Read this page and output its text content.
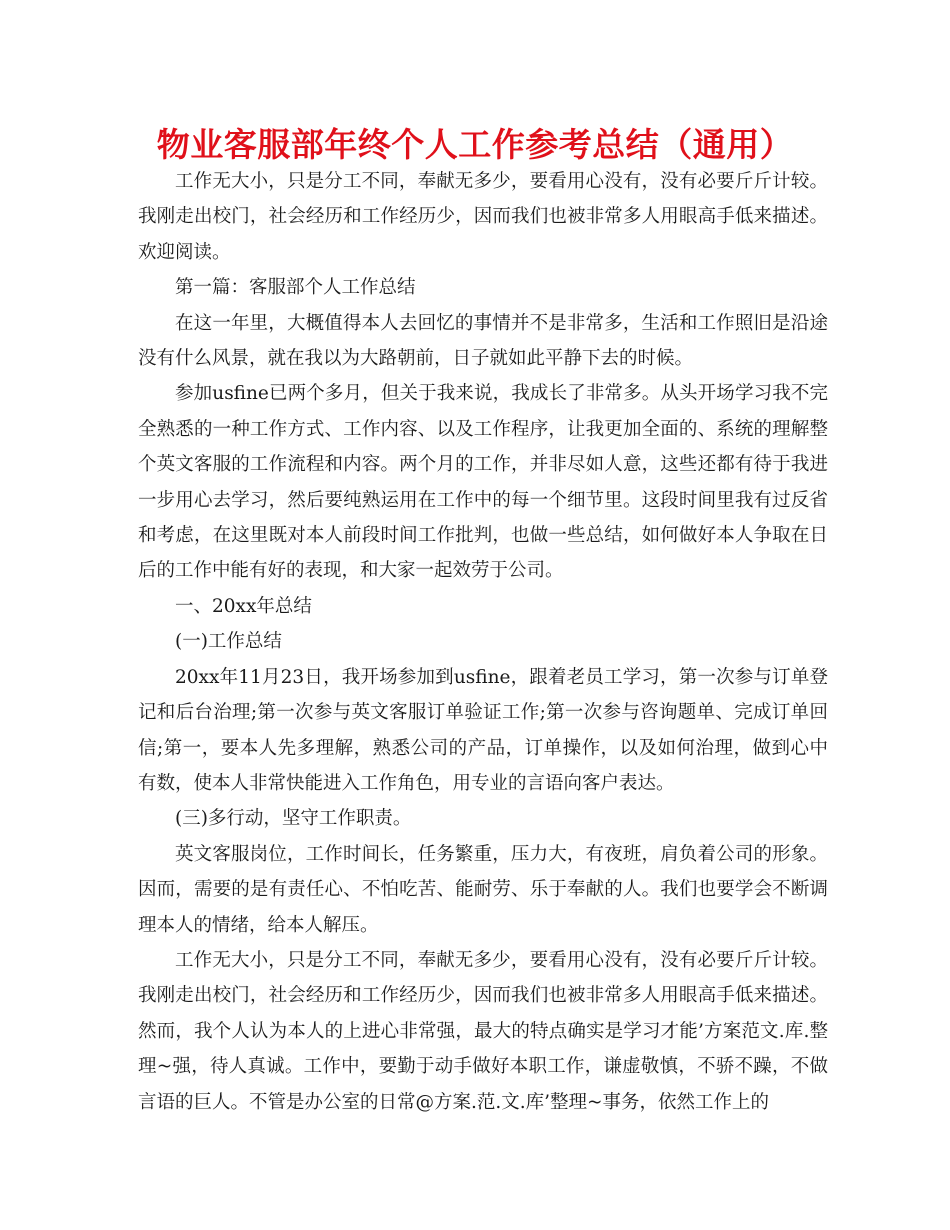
物业客服部年终个人工作参考总结（通用）

工作无大小，只是分工不同，奉献无多少，要看用心没有，没有必要斤斤计较。我刚走出校门，社会经历和工作经历少，因而我们也被非常多人用眼高手低来描述。欢迎阅读。

第一篇：客服部个人工作总结

在这一年里，大概值得本人去回忆的事情并不是非常多，生活和工作照旧是沿途没有什么风景，就在我以为大路朝前，日子就如此平静下去的时候。

参加usfine已两个多月，但关于我来说，我成长了非常多。从头开场学习我不完全熟悉的一种工作方式、工作内容、以及工作程序，让我更加全面的、系统的理解整个英文客服的工作流程和内容。两个月的工作，并非尽如人意，这些还都有待于我进一步用心去学习，然后要纯熟运用在工作中的每一个细节里。这段时间里我有过反省和考虑，在这里既对本人前段时间工作批判，也做一些总结，如何做好本人争取在日后的工作中能有好的表现，和大家一起效劳于公司。

一、20xx年总结

(一)工作总结

20xx年11月23日，我开场参加到usfine，跟着老员工学习，第一次参与订单登记和后台治理;第一次参与英文客服订单验证工作;第一次参与咨询题单、完成订单回信;第一，要本人先多理解，熟悉公司的产品，订单操作，以及如何治理，做到心中有数，使本人非常快能进入工作角色，用专业的言语向客户表达。

(三)多行动，坚守工作职责。

英文客服岗位，工作时间长，任务繁重，压力大，有夜班，肩负着公司的形象。因而，需要的是有责任心、不怕吃苦、能耐劳、乐于奉献的人。我们也要学会不断调理本人的情绪，给本人解压。

工作无大小，只是分工不同，奉献无多少，要看用心没有，没有必要斤斤计较。我刚走出校门，社会经历和工作经历少，因而我们也被非常多人用眼高手低来描述。然而，我个人认为本人的上进心非常强，最大的特点确实是学习才能’方案范文.库.整理~强，待人真诚。工作中，要勤于动手做好本职工作，谦虚敬慎，不骄不躁，不做言语的巨人。不管是办公室的日常@方案.范.文.库’整理~事务，依然工作上的
